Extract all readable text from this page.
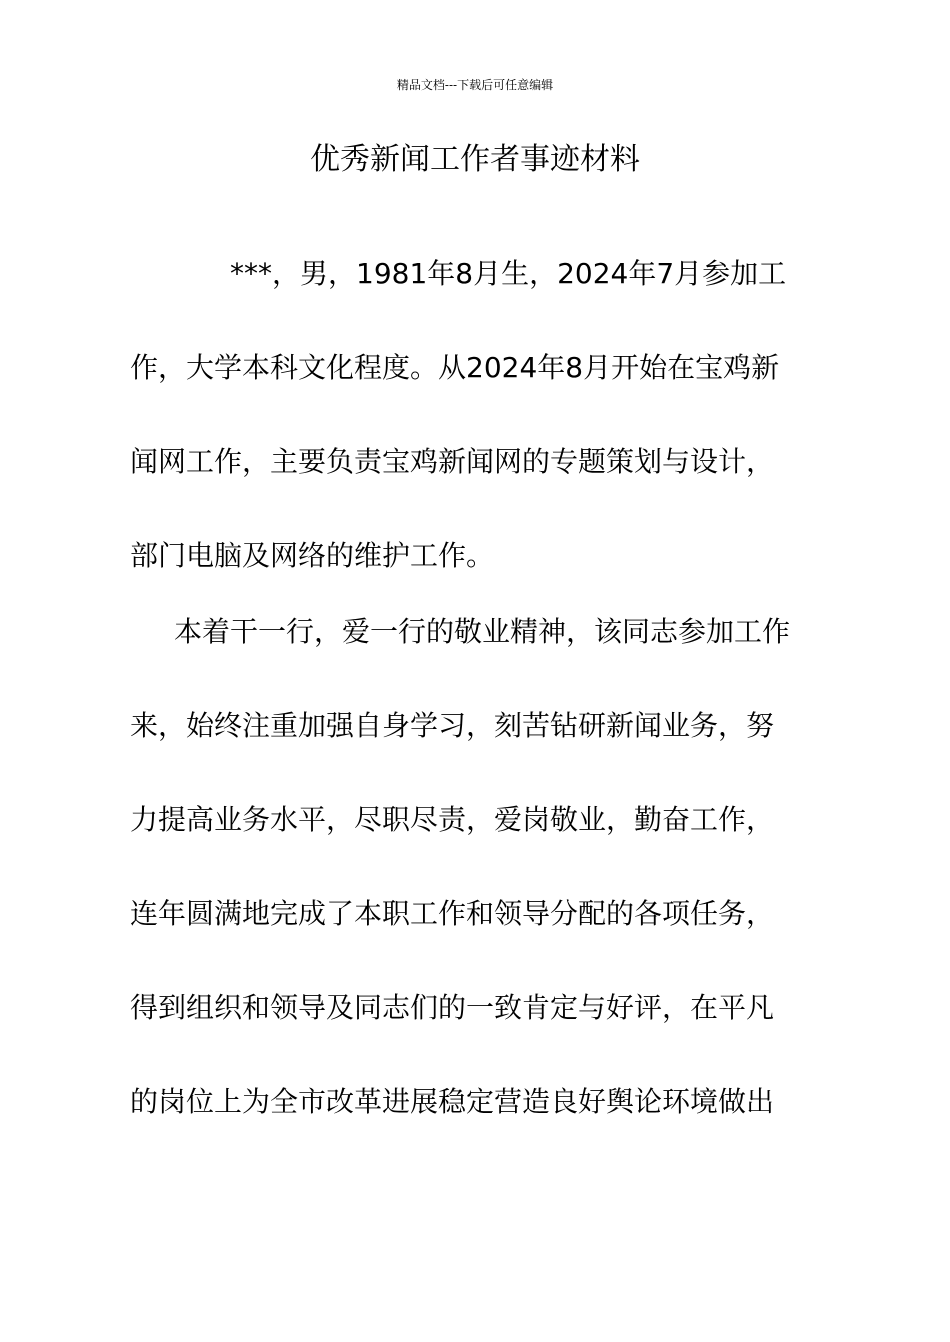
精品文档---下载后可任意编辑
优秀新闻工作者事迹材料
***，男，1981年8月生，2024年7月参加工
作，大学本科文化程度。从2024年8月开始在宝鸡新
闻网工作，主要负责宝鸡新闻网的专题策划与设计，
部门电脑及网络的维护工作。
本着干一行，爱一行的敬业精神，该同志参加工作
来，始终注重加强自身学习，刻苦钻研新闻业务，努
力提高业务水平，尽职尽责，爱岗敬业，勤奋工作，
连年圆满地完成了本职工作和领导分配的各项任务，
得到组织和领导及同志们的一致肯定与好评，在平凡
的岗位上为全市改革进展稳定营造良好舆论环境做出
